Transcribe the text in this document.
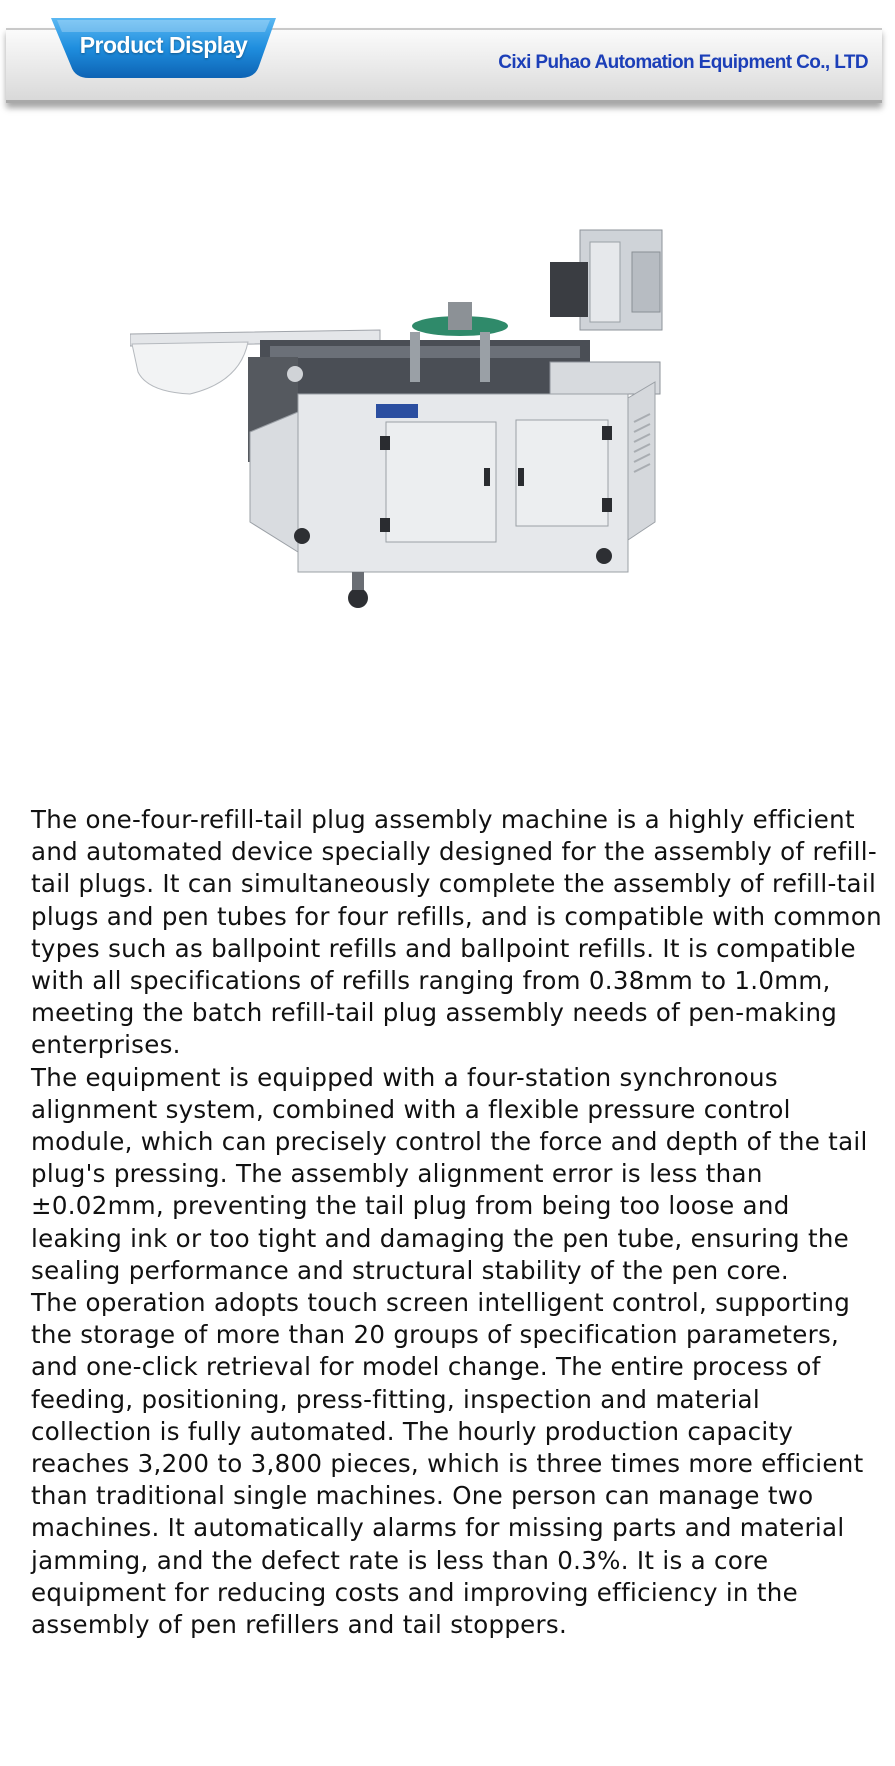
Product Display
Cixi Puhao Automation Equipment Co., LTD

The one-four-refill-tail plug assembly machine is a highly efficient and automated device specially designed for the assembly of refill-tail plugs. It can simultaneously complete the assembly of refill-tail plugs and pen tubes for four refills, and is compatible with common types such as ballpoint refills and ballpoint refills. It is compatible with all specifications of refills ranging from 0.38mm to 1.0mm, meeting the batch refill-tail plug assembly needs of pen-making enterprises.

The equipment is equipped with a four-station synchronous alignment system, combined with a flexible pressure control module, which can precisely control the force and depth of the tail plug's pressing. The assembly alignment error is less than ±0.02mm, preventing the tail plug from being too loose and leaking ink or too tight and damaging the pen tube, ensuring the sealing performance and structural stability of the pen core.

The operation adopts touch screen intelligent control, supporting the storage of more than 20 groups of specification parameters, and one-click retrieval for model change. The entire process of feeding, positioning, press-fitting, inspection and material collection is fully automated. The hourly production capacity reaches 3,200 to 3,800 pieces, which is three times more efficient than traditional single machines. One person can manage two machines. It automatically alarms for missing parts and material jamming, and the defect rate is less than 0.3%. It is a core equipment for reducing costs and improving efficiency in the assembly of pen refillers and tail stoppers.
